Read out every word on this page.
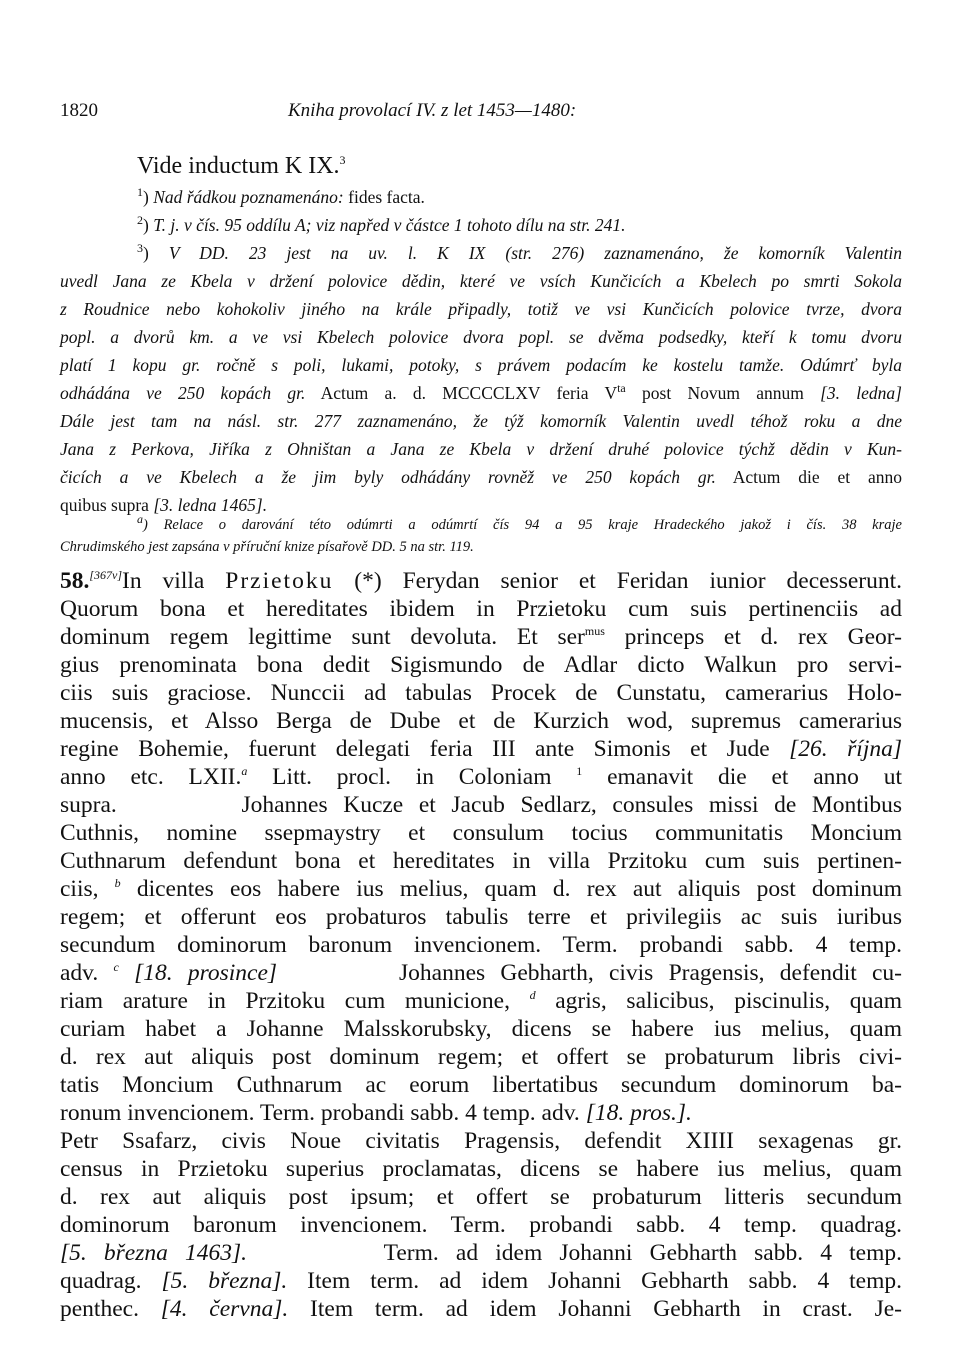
1820	Kniha provolací IV. z let 1453—1480:
Vide inductum K IX.$^3$
$^1$) Nad řádkou poznamenáno: fides facta.
$^2$) T. j. v čís. 95 oddílu A; viz napřed v částce 1 tohoto dílu na str. 241.
$^3$) V DD. 23 jest na uv. l. K IX (str. 276) zaznamenáno, že komorník Valentin
uvedl Jana ze Kbela v držení polovice dědin, které ve vsích Kunčicích a Kbelech po smrti Sokola
z Roudnice nebo kohokoliv jiného na krále připadly, totiž ve vsi Kunčicích polovice tvrze, dvora
popl. a dvorů km. a ve vsi Kbelech polovice dvora popl. se dvěma podsedky, kteří k tomu dvoru
platí 1 kopu gr. ročně s poli, lukami, potoky, s právem podacím ke kostelu tamže. Odúmrť byla
odhádána ve 250 kopách gr. Actum a. d. MCCCCLXV feria $V^{ta}$ post Novum annum [3. ledna]
Dále jest tam na násl. str. 277 zaznamenáno, že týž komorník Valentin uvedl téhož roku a dne
Jana z Perkova, Jiříka z Ohništan a Jana ze Kbela v držení druhé polovice týchž dědin v Kun-
čicích a ve Kbelech a že jim byly odhádány rovněž ve 250 kopách gr. Actum die et anno
quibus supra [3. ledna 1465].
$^a$) Relace o darování této odúmrti a odúmrtí čís 94 a 95 kraje Hradeckého jakož i čís. 38 kraje
Chrudimského jest zapsána v příruční knize písařově DD. 5 na str. 119.
58.[367v]In villa Przietoku (*) Ferydan senior et Feridan iunior decesserunt.
Quorum bona et hereditates ibidem in Przietoku cum suis pertinenciis ad
dominum regem legittime sunt devoluta. Et ser$^{mus}$ princeps et d. rex Geor-
gius prenominata bona dedit Sigismundo de Adlar dicto Walkun pro servi-
ciis suis graciose. Nunccii ad tabulas Procek de Cunstatu, camerarius Holo-
mucensis, et Alsso Berga de Dube et de Kurzich wod, supremus camerarius
regine Bohemie, fuerunt delegati feria III ante Simonis et Jude [26. října]
anno etc. LXII.$^a$ Litt. procl. in Coloniam $^1$ emanavit die et anno ut
supra.        Johannes Kucze et Jacub Sedlarz, consules missi de Montibus
Cuthnis, nomine ssepmaystry et consulum tocius communitatis Moncium
Cuthnarum defendunt bona et hereditates in villa Przitoku cum suis pertinen-
ciis, $^b$ dicentes eos habere ius melius, quam d. rex aut aliquis post dominum
regem; et offerunt eos probaturos tabulis terre et privilegiis ac suis iuribus
secundum dominorum baronum invencionem. Term. probandi sabb. 4 temp.
adv. $^c$ [18. prosince]        Johannes Gebharth, civis Pragensis, defendit cu-
riam arature in Przitoku cum municione, $^d$ agris, salicibus, piscinulis, quam
curiam habet a Johanne Malsskorubsky, dicens se habere ius melius, quam
d. rex aut aliquis post dominum regem; et offert se probaturum libris civi-
tatis Moncium Cuthnarum ac eorum libertatibus secundum dominorum ba-
ronum invencionem. Term. probandi sabb. 4 temp. adv. [18. pros.].
Petr Ssafarz, civis Noue civitatis Pragensis, defendit XIIII sexagenas gr.
census in Przietoku superius proclamatas, dicens se habere ius melius, quam
d. rex aut aliquis post ipsum; et offert se probaturum litteris secundum
dominorum baronum invencionem. Term. probandi sabb. 4 temp. quadrag.
[5. března 1463].        Term. ad idem Johanni Gebharth sabb. 4 temp.
quadrag. [5. března]. Item term. ad idem Johanni Gebharth sabb. 4 temp.
penthec. [4. června]. Item term. ad idem Johanni Gebharth in crast. Je-
